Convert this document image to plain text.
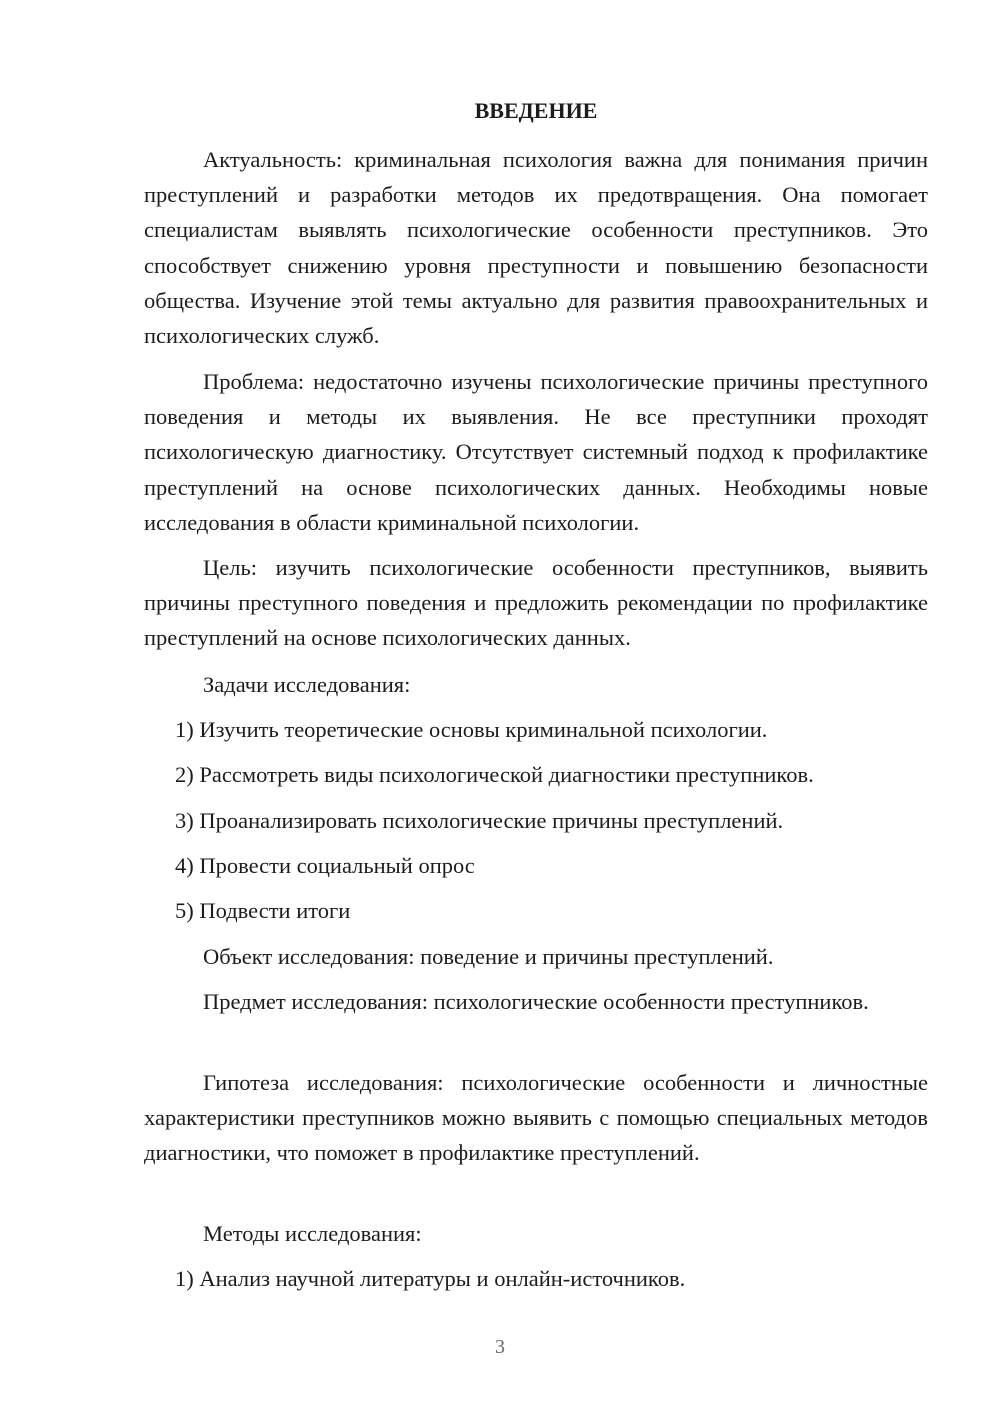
ВВЕДЕНИЕ

Актуальность: криминальная психология важна для понимания причин преступлений и разработки методов их предотвращения. Она помогает специалистам выявлять психологические особенности преступников. Это способствует снижению уровня преступности и повышению безопасности общества. Изучение этой темы актуально для развития правоохранительных и психологических служб.

Проблема: недостаточно изучены психологические причины преступного поведения и методы их выявления. Не все преступники проходят психологическую диагностику. Отсутствует системный подход к профилактике преступлений на основе психологических данных. Необходимы новые исследования в области криминальной психологии.

Цель: изучить психологические особенности преступников, выявить причины преступного поведения и предложить рекомендации по профилактике преступлений на основе психологических данных.

Задачи исследования:

1) Изучить теоретические основы криминальной психологии.

2) Рассмотреть виды психологической диагностики преступников.

3) Проанализировать психологические причины преступлений.

4) Провести социальный опрос

5) Подвести итоги

Объект исследования: поведение и причины преступлений.

Предмет исследования: психологические особенности преступников.

Гипотеза исследования: психологические особенности и личностные характеристики преступников можно выявить с помощью специальных методов диагностики, что поможет в профилактике преступлений.

Методы исследования:

1) Анализ научной литературы и онлайн-источников.

3
